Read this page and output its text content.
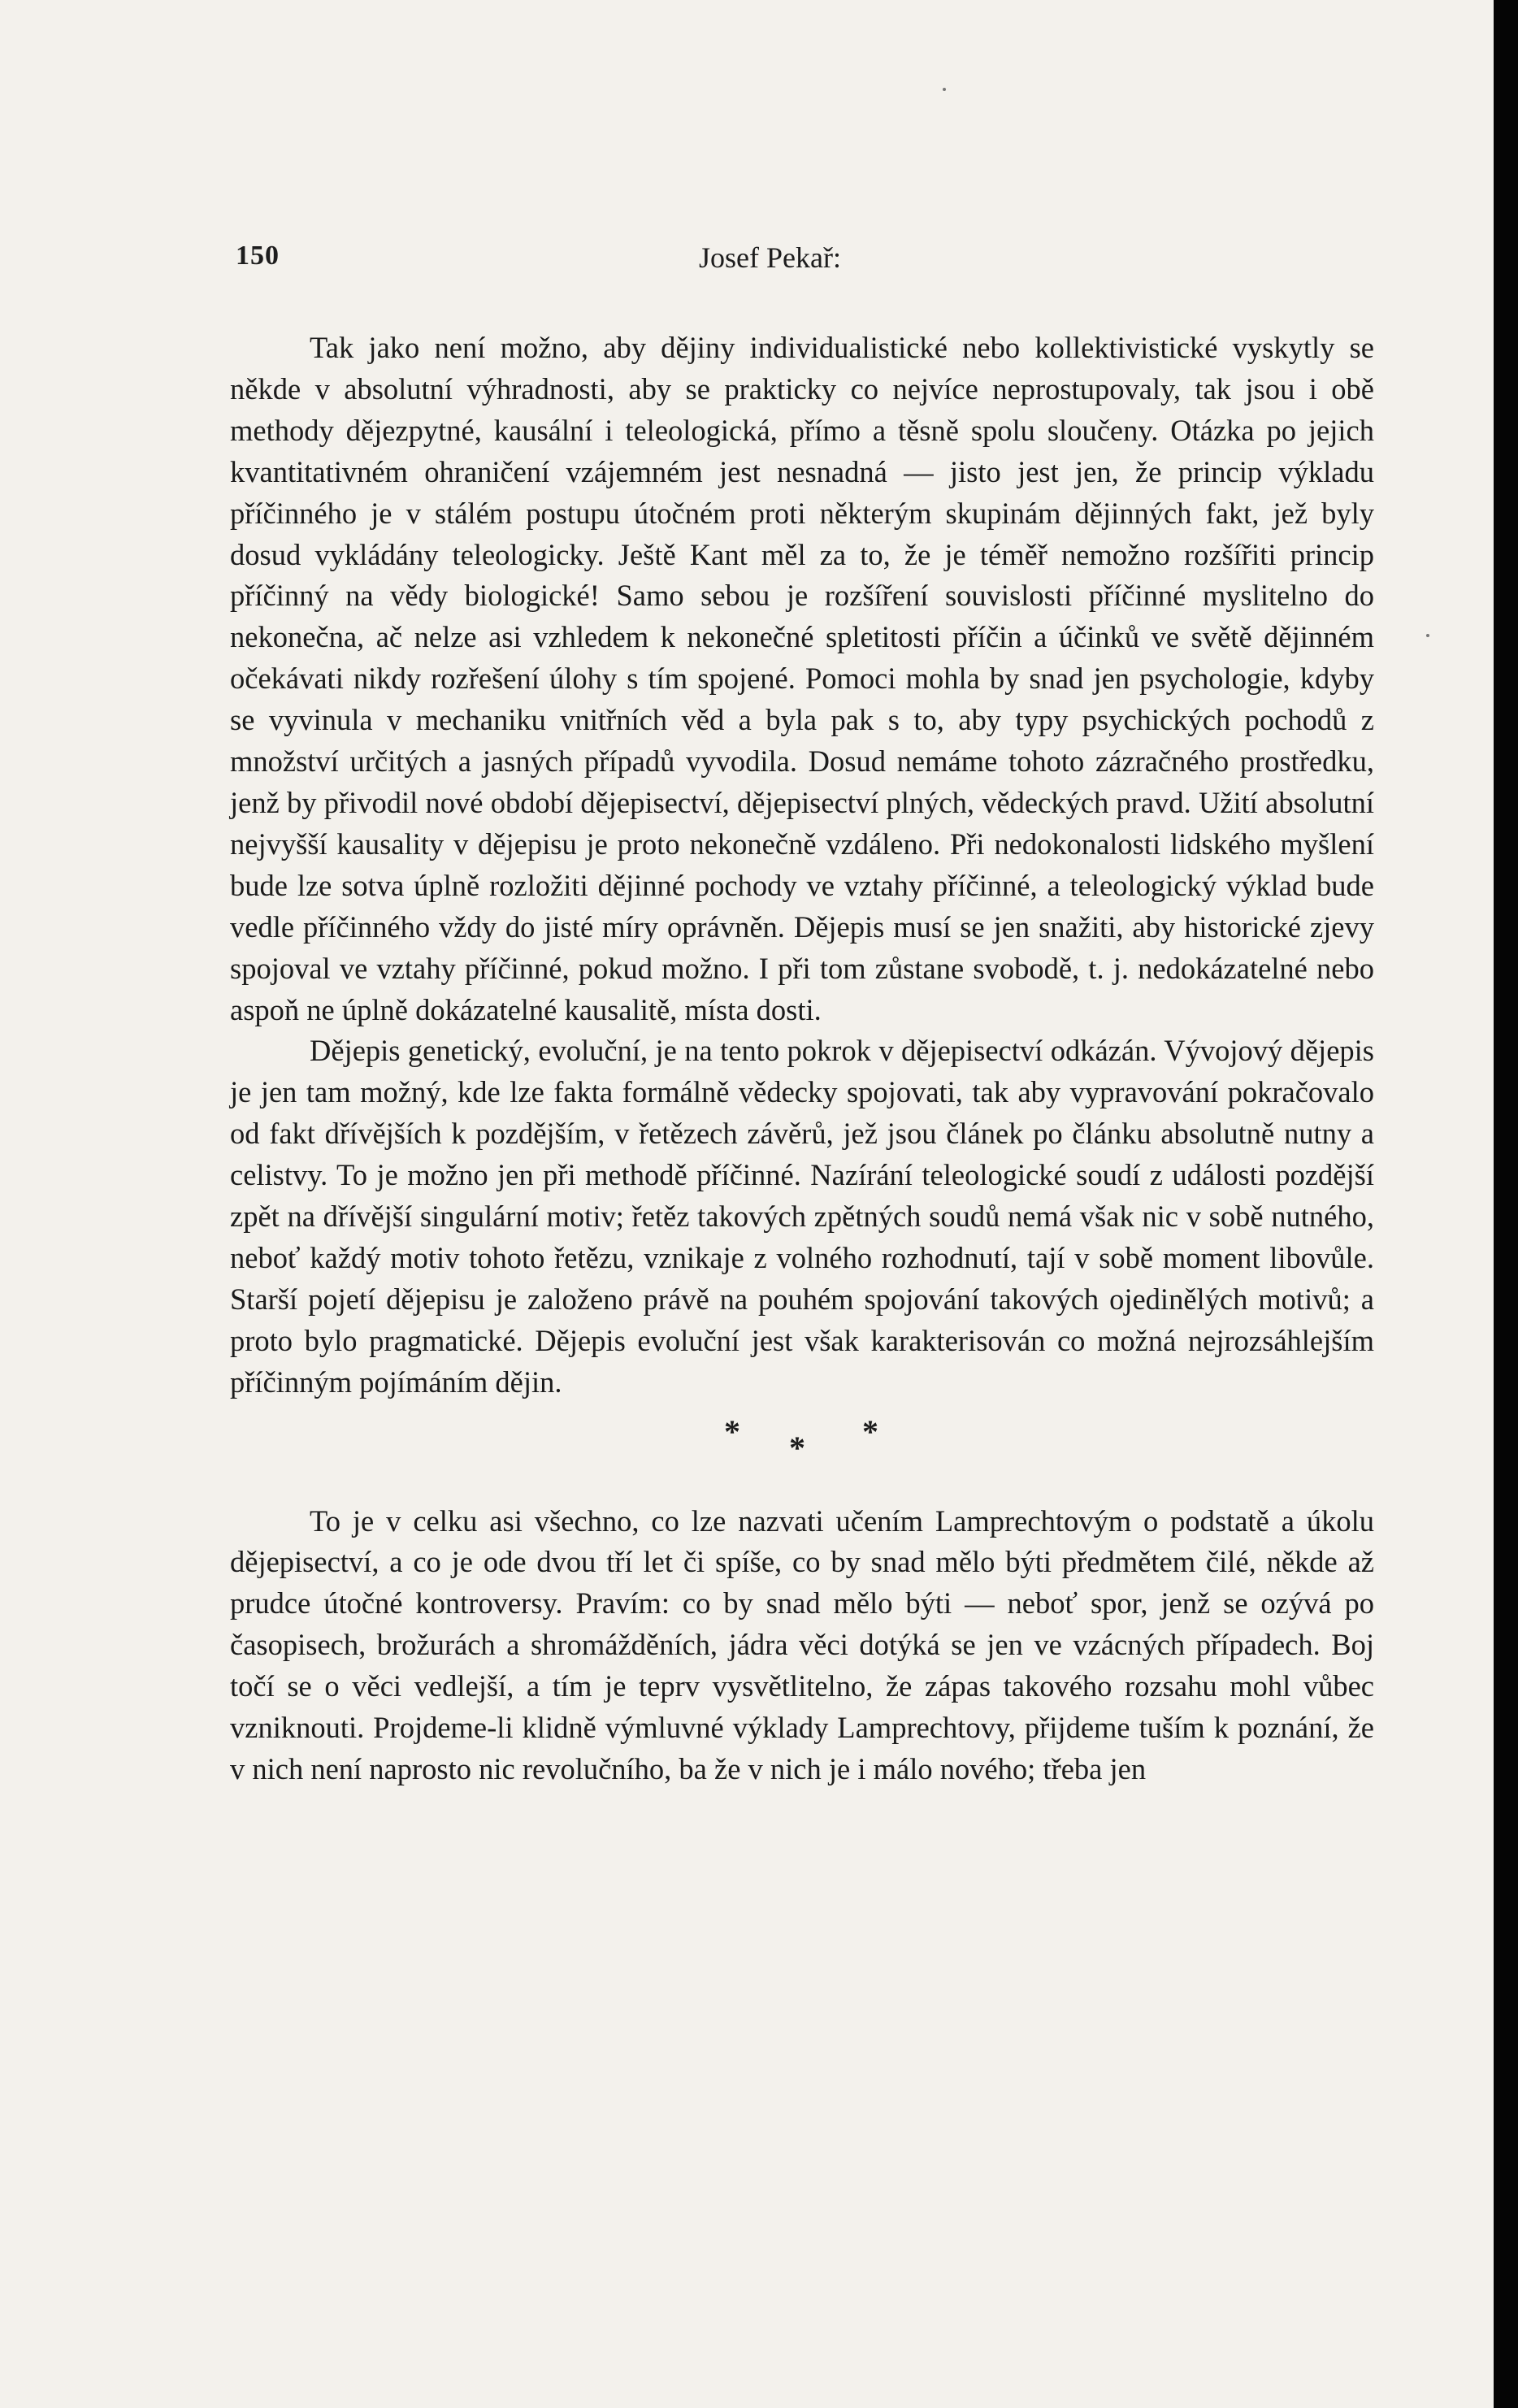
150	Josef Pekař:

Tak jako není možno, aby dějiny individualistické nebo kollektivistické vyskytly se někde v absolutní výhradnosti, aby se prakticky co nejvíce neprostupovaly, tak jsou i obě methody dějezpytné, kausální i teleologická, přímo a těsně spolu sloučeny. Otázka po jejich kvantitativném ohraničení vzájemném jest nesnadná — jisto jest jen, že princip výkladu příčinného je v stálém postupu útočném proti některým skupinám dějinných fakt, jež byly dosud vykládány teleologicky. Ještě Kant měl za to, že je téměř nemožno rozšířiti princip příčinný na vědy biologické! Samo sebou je rozšíření souvislosti příčinné myslitelno do nekonečna, ač nelze asi vzhledem k nekonečné spletitosti příčin a účinků ve světě dějinném očekávati nikdy rozřešení úlohy s tím spojené. Pomoci mohla by snad jen psychologie, kdyby se vyvinula v mechaniku vnitřních věd a byla pak s to, aby typy psychických pochodů z množství určitých a jasných případů vyvodila. Dosud nemáme tohoto zázračného prostředku, jenž by přivodil nové období dějepisectví, dějepisectví plných, vědeckých pravd. Užití absolutní nejvyšší kausality v dějepisu je proto nekonečně vzdáleno. Při nedokonalosti lidského myšlení bude lze sotva úplně rozložiti dějinné pochody ve vztahy příčinné, a teleologický výklad bude vedle příčinného vždy do jisté míry oprávněn. Dějepis musí se jen snažiti, aby historické zjevy spojoval ve vztahy příčinné, pokud možno. I při tom zůstane svobodě, t. j. nedokázatelné nebo aspoň ne úplně dokázatelné kausalitě, místa dosti.

Dějepis genetický, evoluční, je na tento pokrok v dějepisectví odkázán. Vývojový dějepis je jen tam možný, kde lze fakta formálně vědecky spojovati, tak aby vypravování pokračovalo od fakt dřívějších k pozdějším, v řetězech závěrů, jež jsou článek po článku absolutně nutny a celistvy. To je možno jen při methodě příčinné. Nazírání teleologické soudí z události pozdější zpět na dřívější singulární motiv; řetěz takových zpětných soudů nemá však nic v sobě nutného, neboť každý motiv tohoto řetězu, vznikaje z volného rozhodnutí, tají v sobě moment libovůle. Starší pojetí dějepisu je založeno právě na pouhém spojování takových ojedinělých motivů; a proto bylo pragmatické. Dějepis evoluční jest však karakterisován co možná nejrozsáhlejším příčinným pojímáním dějin.

* * *

To je v celku asi všechno, co lze nazvati učením Lamprechtovým o podstatě a úkolu dějepisectví, a co je ode dvou tří let či spíše, co by snad mělo býti předmětem čilé, někde až prudce útočné kontroversy. Pravím: co by snad mělo býti — neboť spor, jenž se ozývá po časopisech, brožurách a shromážděních, jádra věci dotýká se jen ve vzácných případech. Boj točí se o věci vedlejší, a tím je teprv vysvětlitelno, že zápas takového rozsahu mohl vůbec vzniknouti. Projdeme-li klidně výmluvné výklady Lamprechtovy, přijdeme tuším k poznání, že v nich není naprosto nic revolučního, ba že v nich je i málo nového; třeba jen
